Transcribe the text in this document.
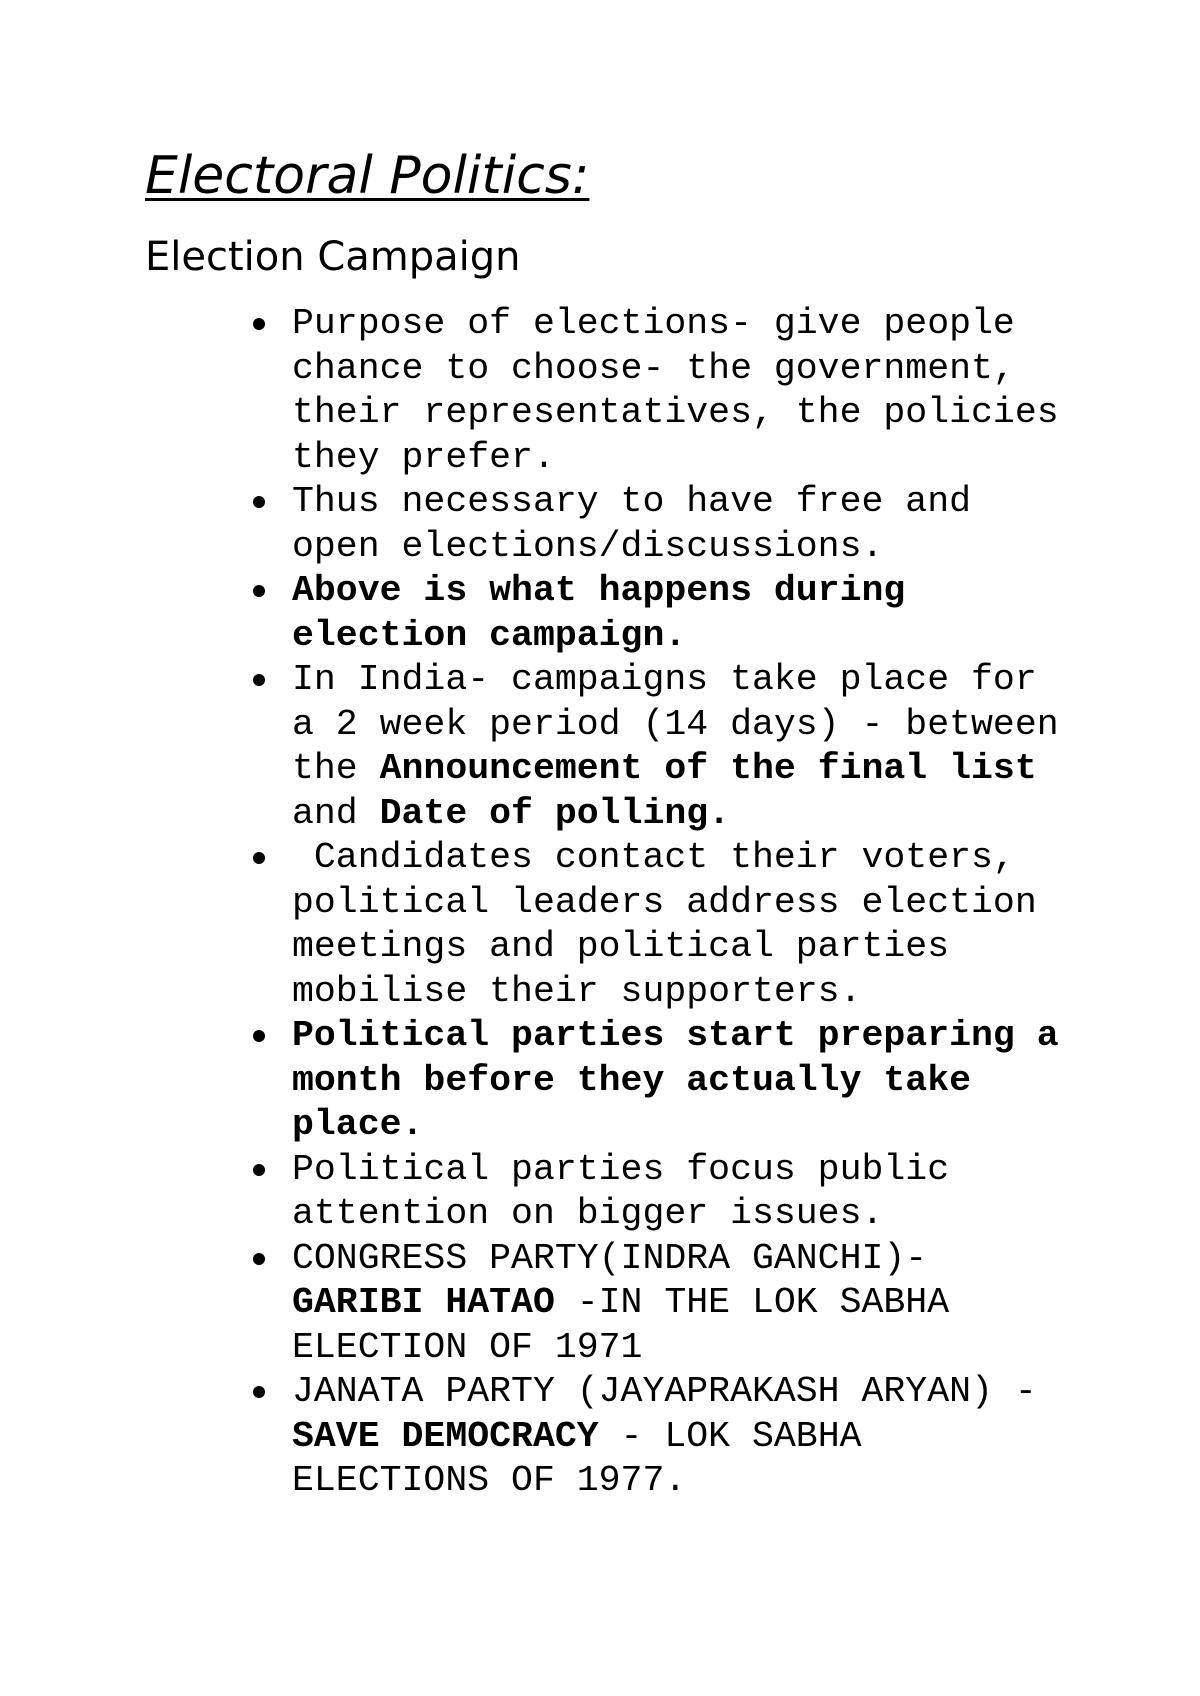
Electoral Politics:
Election Campaign
Purpose of elections- give people
chance to choose- the government,
their representatives, the policies
they prefer.
Thus necessary to have free and
open elections/discussions.
Above is what happens during
election campaign.
In India- campaigns take place for
a 2 week period (14 days) - between
the Announcement of the final list
and Date of polling.
Candidates contact their voters,
political leaders address election
meetings and political parties
mobilise their supporters.
Political parties start preparing a
month before they actually take
place.
Political parties focus public
attention on bigger issues.
CONGRESS PARTY(INDRA GANCHI)-
GARIBI HATAO -IN THE LOK SABHA
ELECTION OF 1971
JANATA PARTY (JAYAPRAKASH ARYAN) -
SAVE DEMOCRACY - LOK SABHA
ELECTIONS OF 1977.
